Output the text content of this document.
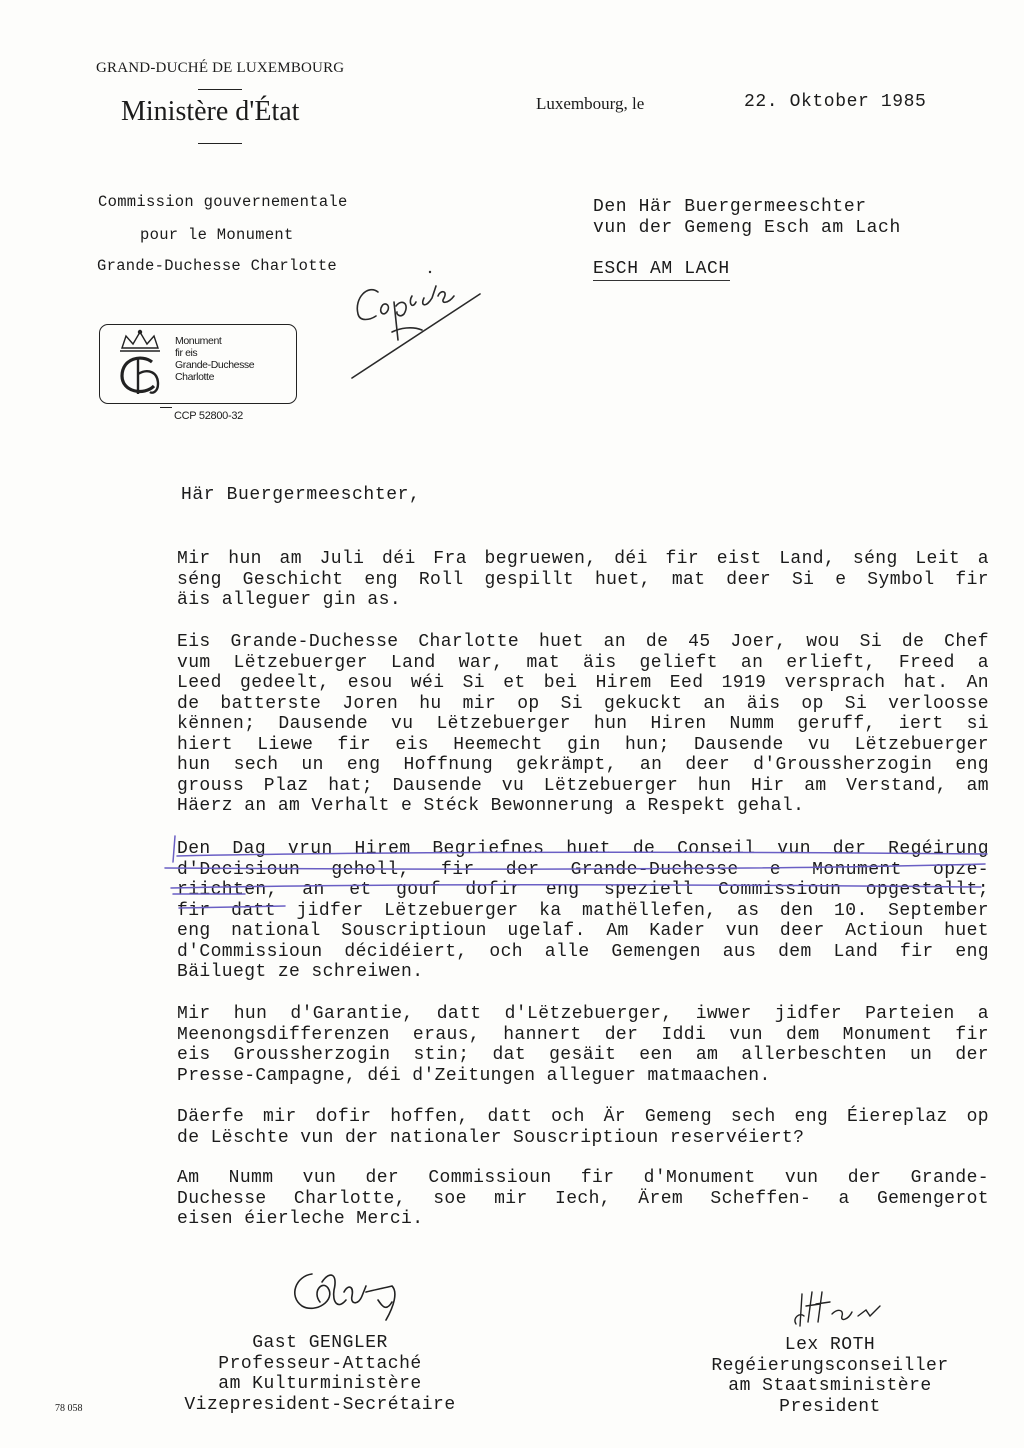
GRAND-DUCHÉ DE LUXEMBOURG
Ministère d'État	Luxembourg, le	22. Oktober 1985
Commission gouvernementale
pour le Monument
Grande-Duchesse Charlotte
Den Här Buergermeeschter
vun der Gemeng Esch am Lach
ESCH AM LACH
Monument
fir eis
Grande-Duchesse
Charlotte
CCP 52800-32
Här Buergermeeschter,
Mir hun am Juli déi Fra begruewen, déi fir eist Land, séng Leit a
séng Geschicht eng Roll gespillt huet, mat deer Si e Symbol fir
äis alleguer gin as.
Eis Grande-Duchesse Charlotte huet an de 45 Joer, wou Si de Chef
vum Lëtzebuerger Land war, mat äis gelieft an erlieft, Freed a
Leed gedeelt, esou wéi Si et bei Hirem Eed 1919 versprach hat. An
de batterste Joren hu mir op Si gekuckt an äis op Si verloosse
kënnen; Dausende vu Lëtzebuerger hun Hiren Numm geruff, iert si
hiert Liewe fir eis Heemecht gin hun; Dausende vu Lëtzebuerger
hun sech un eng Hoffnung gekrämpt, an deer d'Groussherzogin eng
grouss Plaz hat; Dausende vu Lëtzebuerger hun Hir am Verstand, am
Häerz an am Verhalt e Stéck Bewonnerung a Respekt gehal.
Den Dag vrun Hirem Begriefnes huet de Conseil vun der Regéirung
d'Decisioun geholl, fir der Grande-Duchesse e Monument opze-
riichten, an et gouf dofir eng speziell Commissioun opgestallt;
fir datt jidfer Lëtzebuerger ka mathëllefen, as den 10. September
eng national Souscriptioun ugelaf. Am Kader vun deer Actioun huet
d'Commissioun décidéiert, och alle Gemengen aus dem Land fir eng
Bäiluegt ze schreiwen.
Mir hun d'Garantie, datt d'Lëtzebuerger, iwwer jidfer Parteien a
Meenongsdifferenzen eraus, hannert der Iddi vun dem Monument fir
eis Groussherzogin stin; dat gesäit een am allerbeschten un der
Presse-Campagne, déi d'Zeitungen alleguer matmaachen.
Däerfe mir dofir hoffen, datt och Är Gemeng sech eng Éiereplaz op
de Lëschte vun der nationaler Souscriptioun reservéiert?
Am Numm vun der Commissioun fir d'Monument vun der Grande-
Duchesse Charlotte, soe mir Iech, Ärem Scheffen- a Gemengerot
eisen éierleche Merci.
Gast GENGLER
Professeur-Attaché
am Kulturministère
Vizepresident-Secrétaire
Lex ROTH
Regéierungsconseiller
am Staatsministère
President
78 058
